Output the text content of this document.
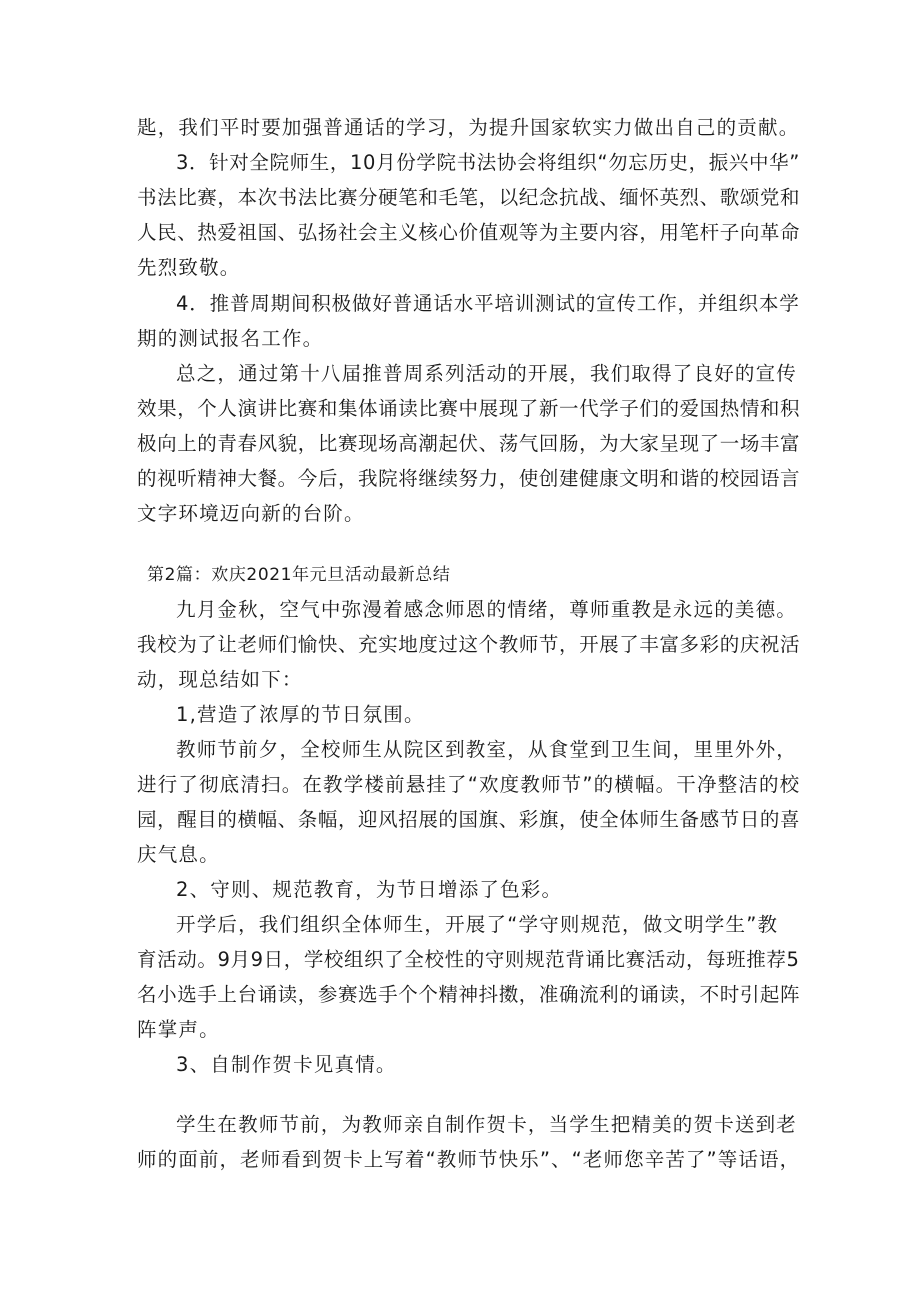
匙，我们平时要加强普通话的学习，为提升国家软实力做出自己的贡献。
3．针对全院师生，10月份学院书法协会将组织“勿忘历史，振兴中华”
书法比赛，本次书法比赛分硬笔和毛笔，以纪念抗战、缅怀英烈、歌颂党和
人民、热爱祖国、弘扬社会主义核心价值观等为主要内容，用笔杆子向革命
先烈致敬。
4．推普周期间积极做好普通话水平培训测试的宣传工作，并组织本学
期的测试报名工作。
总之，通过第十八届推普周系列活动的开展，我们取得了良好的宣传
效果，个人演讲比赛和集体诵读比赛中展现了新一代学子们的爱国热情和积
极向上的青春风貌，比赛现场高潮起伏、荡气回肠，为大家呈现了一场丰富
的视听精神大餐。今后，我院将继续努力，使创建健康文明和谐的校园语言
文字环境迈向新的台阶。
第2篇：欢庆2021年元旦活动最新总结
九月金秋，空气中弥漫着感念师恩的情绪，尊师重教是永远的美德。
我校为了让老师们愉快、充实地度过这个教师节，开展了丰富多彩的庆祝活
动，现总结如下：
1,营造了浓厚的节日氛围。
教师节前夕，全校师生从院区到教室，从食堂到卫生间，里里外外，
进行了彻底清扫。在教学楼前悬挂了“欢度教师节”的横幅。干净整洁的校
园，醒目的横幅、条幅，迎风招展的国旗、彩旗，使全体师生备感节日的喜
庆气息。
2、守则、规范教育，为节日增添了色彩。
开学后，我们组织全体师生，开展了“学守则规范，做文明学生”教
育活动。9月9日，学校组织了全校性的守则规范背诵比赛活动，每班推荐5
名小选手上台诵读，参赛选手个个精神抖擞，准确流利的诵读，不时引起阵
阵掌声。
3、自制作贺卡见真情。
学生在教师节前，为教师亲自制作贺卡，当学生把精美的贺卡送到老
师的面前，老师看到贺卡上写着“教师节快乐”、“老师您辛苦了”等话语，
